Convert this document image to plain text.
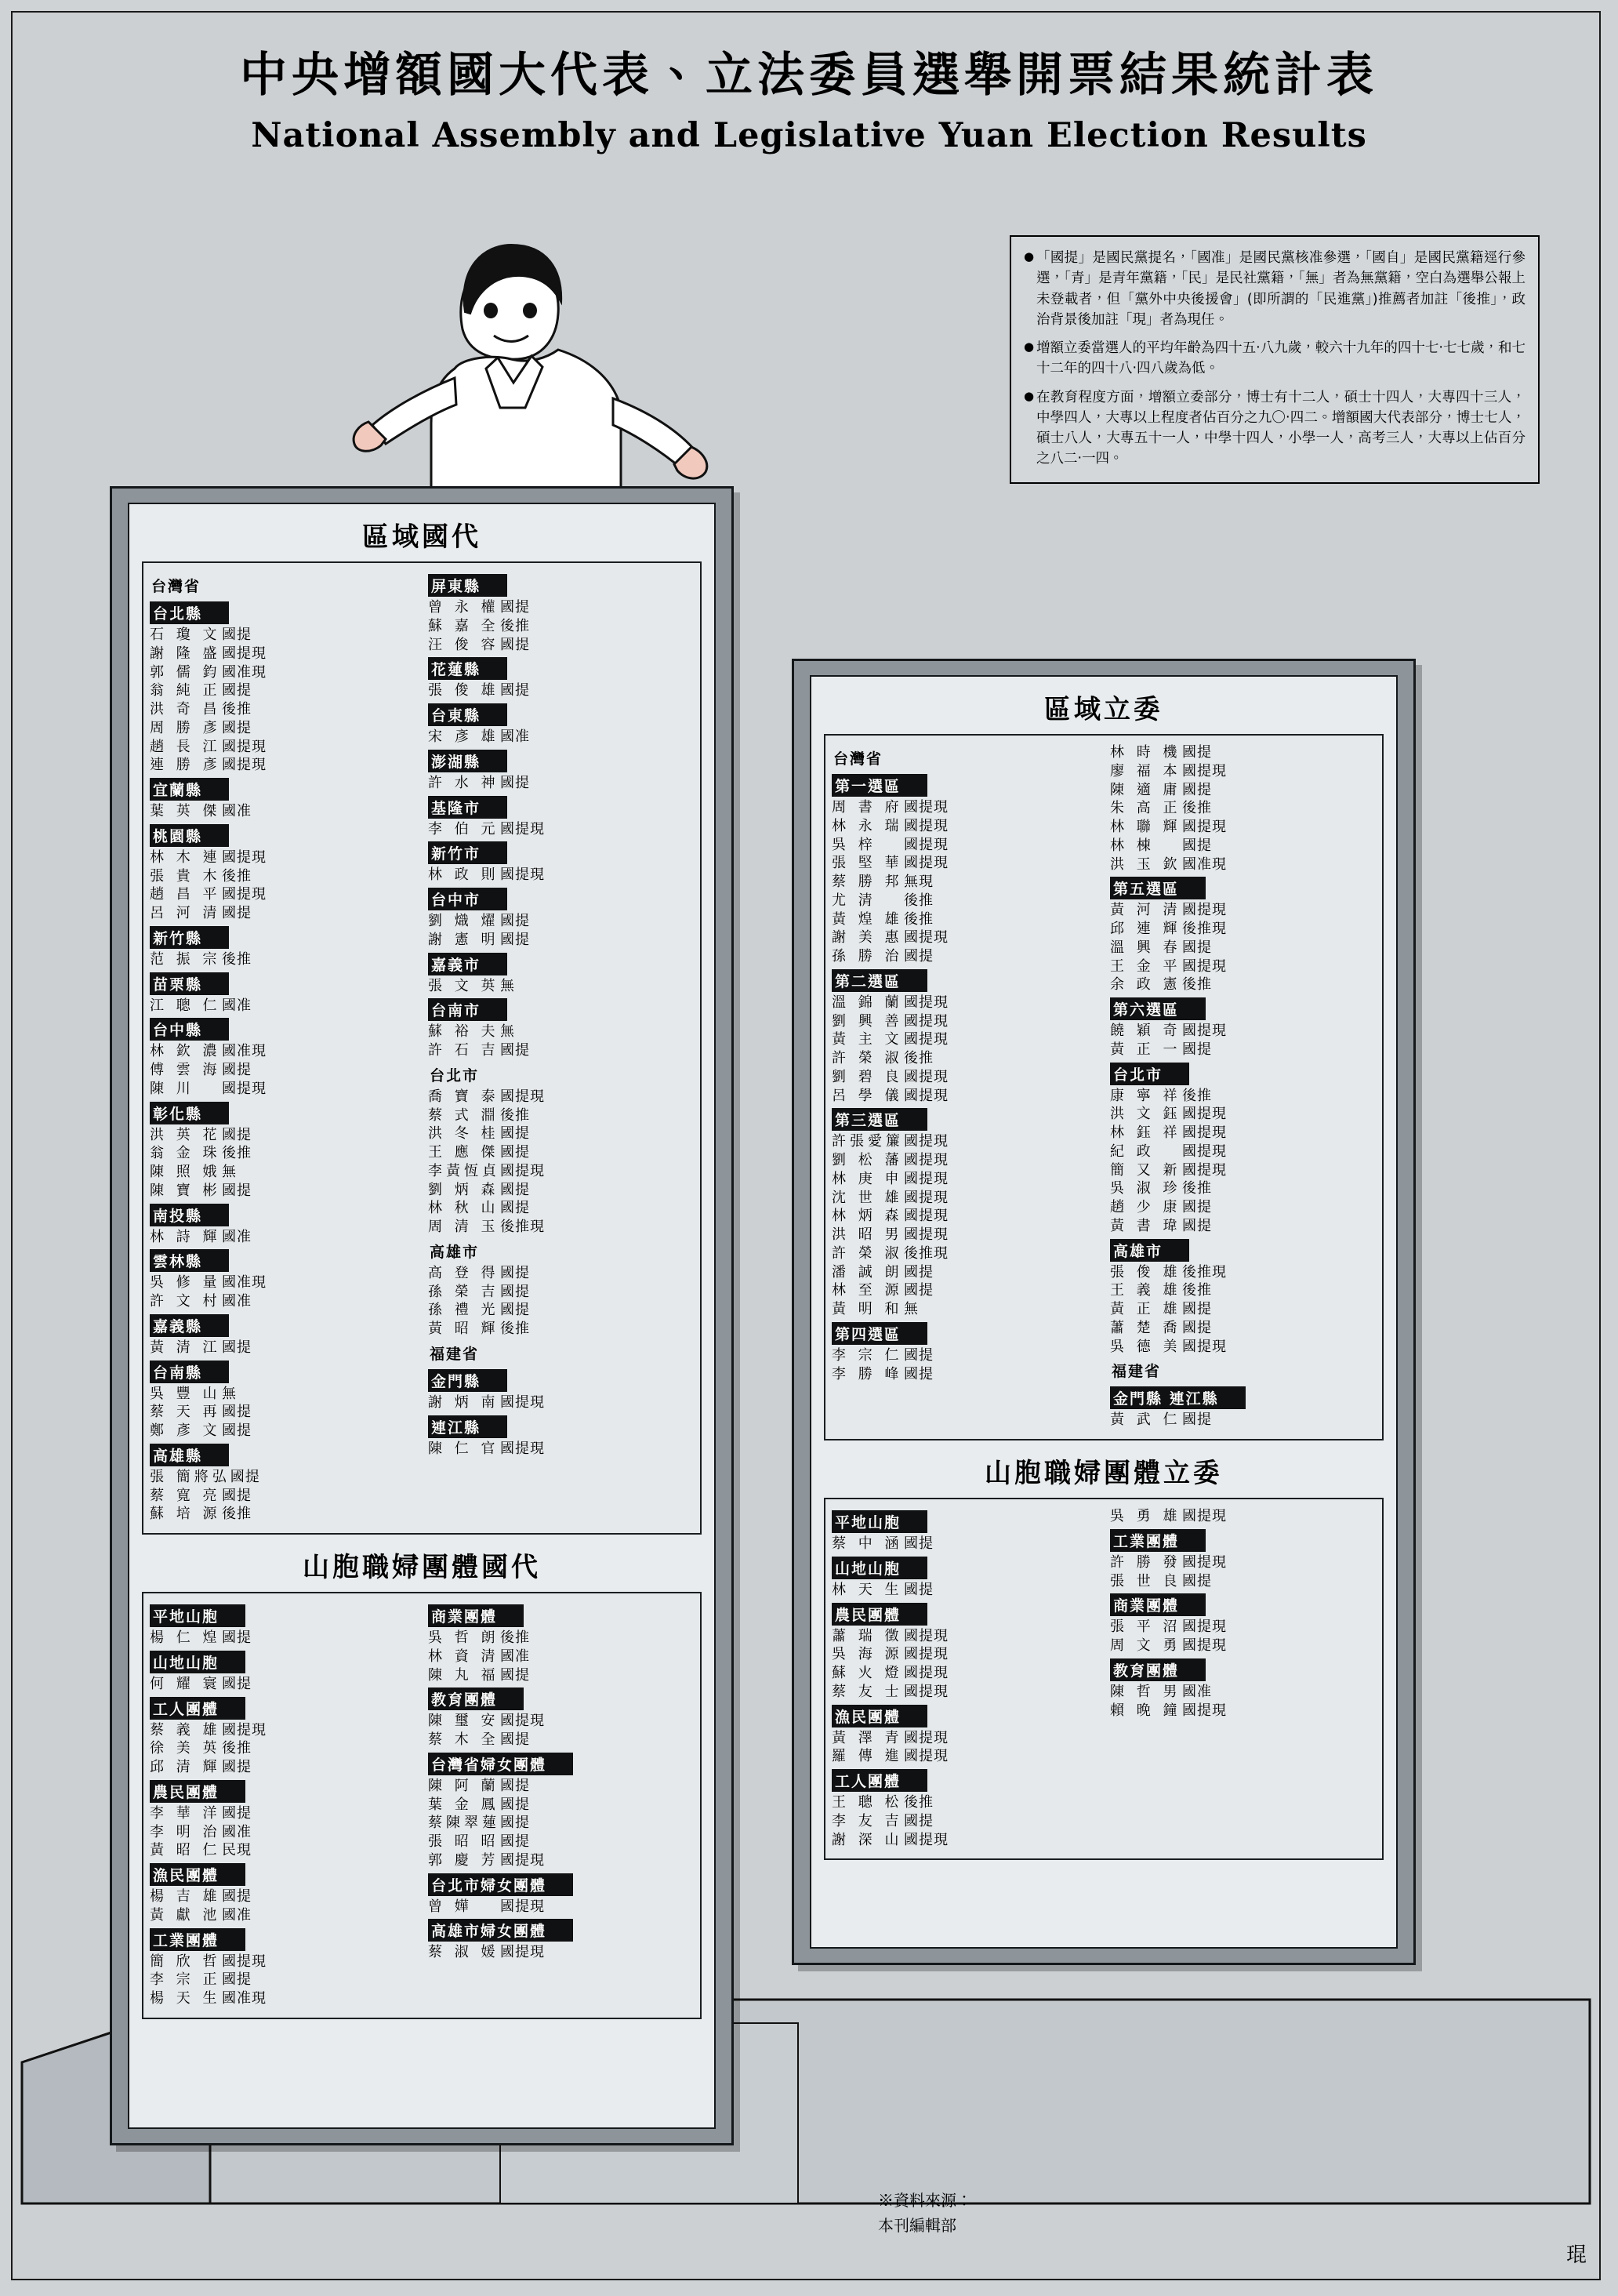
中央增額國大代表、立法委員選舉開票結果統計表
National Assembly and Legislative Yuan Election Results
● 「國提」是國民黨提名，「國准」是國民黨核准參選，「國自」是國民黨籍逕行參選，「青」是青年黨籍，「民」是民社黨籍，「無」者為無黨籍，空白為選舉公報上未登載者，但「黨外中央後援會」(即所謂的「民進黨」)推薦者加註「後推」，政治背景後加註「現」者為現任。
● 增額立委當選人的平均年齡為四十五‧八九歲，較六十九年的四十七‧七七歲，和七十二年的四十八‧四八歲為低。
● 在教育程度方面，增額立委部分，博士有十二人，碩士十四人，大專四十三人，中學四人，大專以上程度者佔百分之九〇‧四二。增額國大代表部分，博士七人，碩士八人，大專五十一人，中學十四人，小學一人，高考三人，大專以上佔百分之八二‧一四。
區域國代
台灣省
台北縣
石 瓊 文 國提
謝 隆 盛 國提現
郭 儒 鈞 國准現
翁 純 正 國提
洪 奇 昌 後推
周 勝 彥 國提
趙 長 江 國提現
連 勝 彥 國提現
宜蘭縣
葉 英 傑 國准
桃園縣
林 木 連 國提現
張 貴 木 後推
趙 昌 平 國提現
呂 河 清 國提
新竹縣
范 振 宗 後推
苗栗縣
江 聰 仁 國准
台中縣
林 欽 濃 國准現
傅 雲 海 國提
陳 川	國提現
彰化縣
洪 英 花 國提
翁 金 珠 後推
陳 照 娥 無
陳 寶 彬 國提
南投縣
林 詩 輝 國准
雲林縣
吳 修 量 國准現
許 文 村 國准
嘉義縣
黃 清 江 國提
台南縣
吳 豐 山 無
蔡 天 再 國提
鄭 彥 文 國提
高雄縣
張 簡將弘 國提
蔡 寬 亮 國提
蘇 培 源 後推
屏東縣
曾 永 權 國提
蘇 嘉 全 後推
汪 俊 容 國提
花蓮縣
張 俊 雄 國提
台東縣
宋 彥 雄 國准
澎湖縣
許 水 神 國提
基隆市
李 伯 元 國提現
新竹市
林 政 則 國提現
台中市
劉 熾 燿 國提
謝 憲 明 國提
嘉義市
張 文 英 無
台南市
蘇 裕 夫 無
許 石 吉 國提
台北市
喬 寶 泰 國提現
蔡 式 淵 後推
洪 冬 桂 國提
王 應 傑 國提
李黃恆貞 國提現
劉 炳 森 國提
林 秋 山 國提
周 清 玉 後推現
高雄市
高 登 得 國提
孫 榮 吉 國提
孫 禮 光 國提
黃 昭 輝 後推
福建省
金門縣
謝 炳 南 國提現
連江縣
陳 仁 官 國提現
山胞職婦團體國代
平地山胞
楊 仁 煌 國提
山地山胞
何 耀 寰 國提
工人團體
蔡 義 雄 國提現
徐 美 英 後推
邱 清 輝 國提
農民團體
李 華 洋 國提
李 明 治 國准
黃 昭 仁 民現
漁民團體
楊 吉 雄 國提
黃 獻 池 國准
工業團體
簡 欣 哲 國提現
李 宗 正 國提
楊 天 生 國准現
商業團體
吳 哲 朗 後推
林 資 清 國准
陳 丸 福 國提
教育團體
陳 璽 安 國提現
蔡 木 全 國提
台灣省婦女團體
陳 阿 蘭 國提
葉 金 鳳 國提
蔡陳翠蓮 國提
張 昭 昭 國提
郭 慶 芳 國提現
台北市婦女團體
曾 嬅	國提現
高雄市婦女團體
蔡 淑 媛 國提現
區域立委
台灣省
第一選區
周 書 府 國提現
林 永 瑞 國提現
吳 梓	國提現
張 堅 華 國提現
蔡 勝 邦 無現
尤 清	後推
黃 煌 雄 後推
謝 美 惠 國提現
孫 勝 治 國提
第二選區
溫 錦 蘭 國提現
劉 興 善 國提現
黃 主 文 國提現
許 榮 淑 後推
劉 碧 良 國提現
呂 學 儀 國提現
第三選區
許張愛簾 國提現
劉 松 藩 國提現
林 庚 申 國提現
沈 世 雄 國提現
林 炳 森 國提現
洪 昭 男 國提現
許 榮 淑 後推現
潘 誠 朗 國提
林 至 源 國提
黃 明 和 無
第四選區
李 宗 仁 國提
李 勝 峰 國提
林 時 機 國提
廖 福 本 國提現
陳 適 庸 國提
朱 高 正 後推
林 聯 輝 國提現
林 棟	國提
洪 玉 欽 國准現
第五選區
黃 河 清 國提現
邱 連 輝 後推現
溫 興 春 國提
王 金 平 國提現
余 政 憲 後推
第六選區
饒 穎 奇 國提現
黃 正 一 國提
台北市
康 寧 祥 後推
洪 文 鈺 國提現
林 鈺 祥 國提現
紀 政	國提現
簡 又 新 國提現
吳 淑 珍 後推
趙 少 康 國提
黃 書 瑋 國提
高雄市
張 俊 雄 後推現
王 義 雄 後推
黃 正 雄 國提
蕭 楚 喬 國提
吳 德 美 國提現
福建省
金門縣 連江縣
黃 武 仁 國提
山胞職婦團體立委
平地山胞
蔡 中 涵 國提
山地山胞
林 天 生 國提
農民團體
蕭 瑞 徵 國提現
吳 海 源 國提現
蘇 火 燈 國提現
蔡 友 士 國提現
漁民團體
黃 澤 青 國提現
羅 傳 進 國提現
工人團體
王 聰 松 後推
李 友 吉 國提
謝 深 山 國提現
吳 勇 雄 國提現
工業團體
許 勝 發 國提現
張 世 良 國提
商業團體
張 平 沼 國提現
周 文 勇 國提現
教育團體
陳 哲 男 國准
賴 晚 鐘 國提現
※資料來源：
本刊編輯部
琨
